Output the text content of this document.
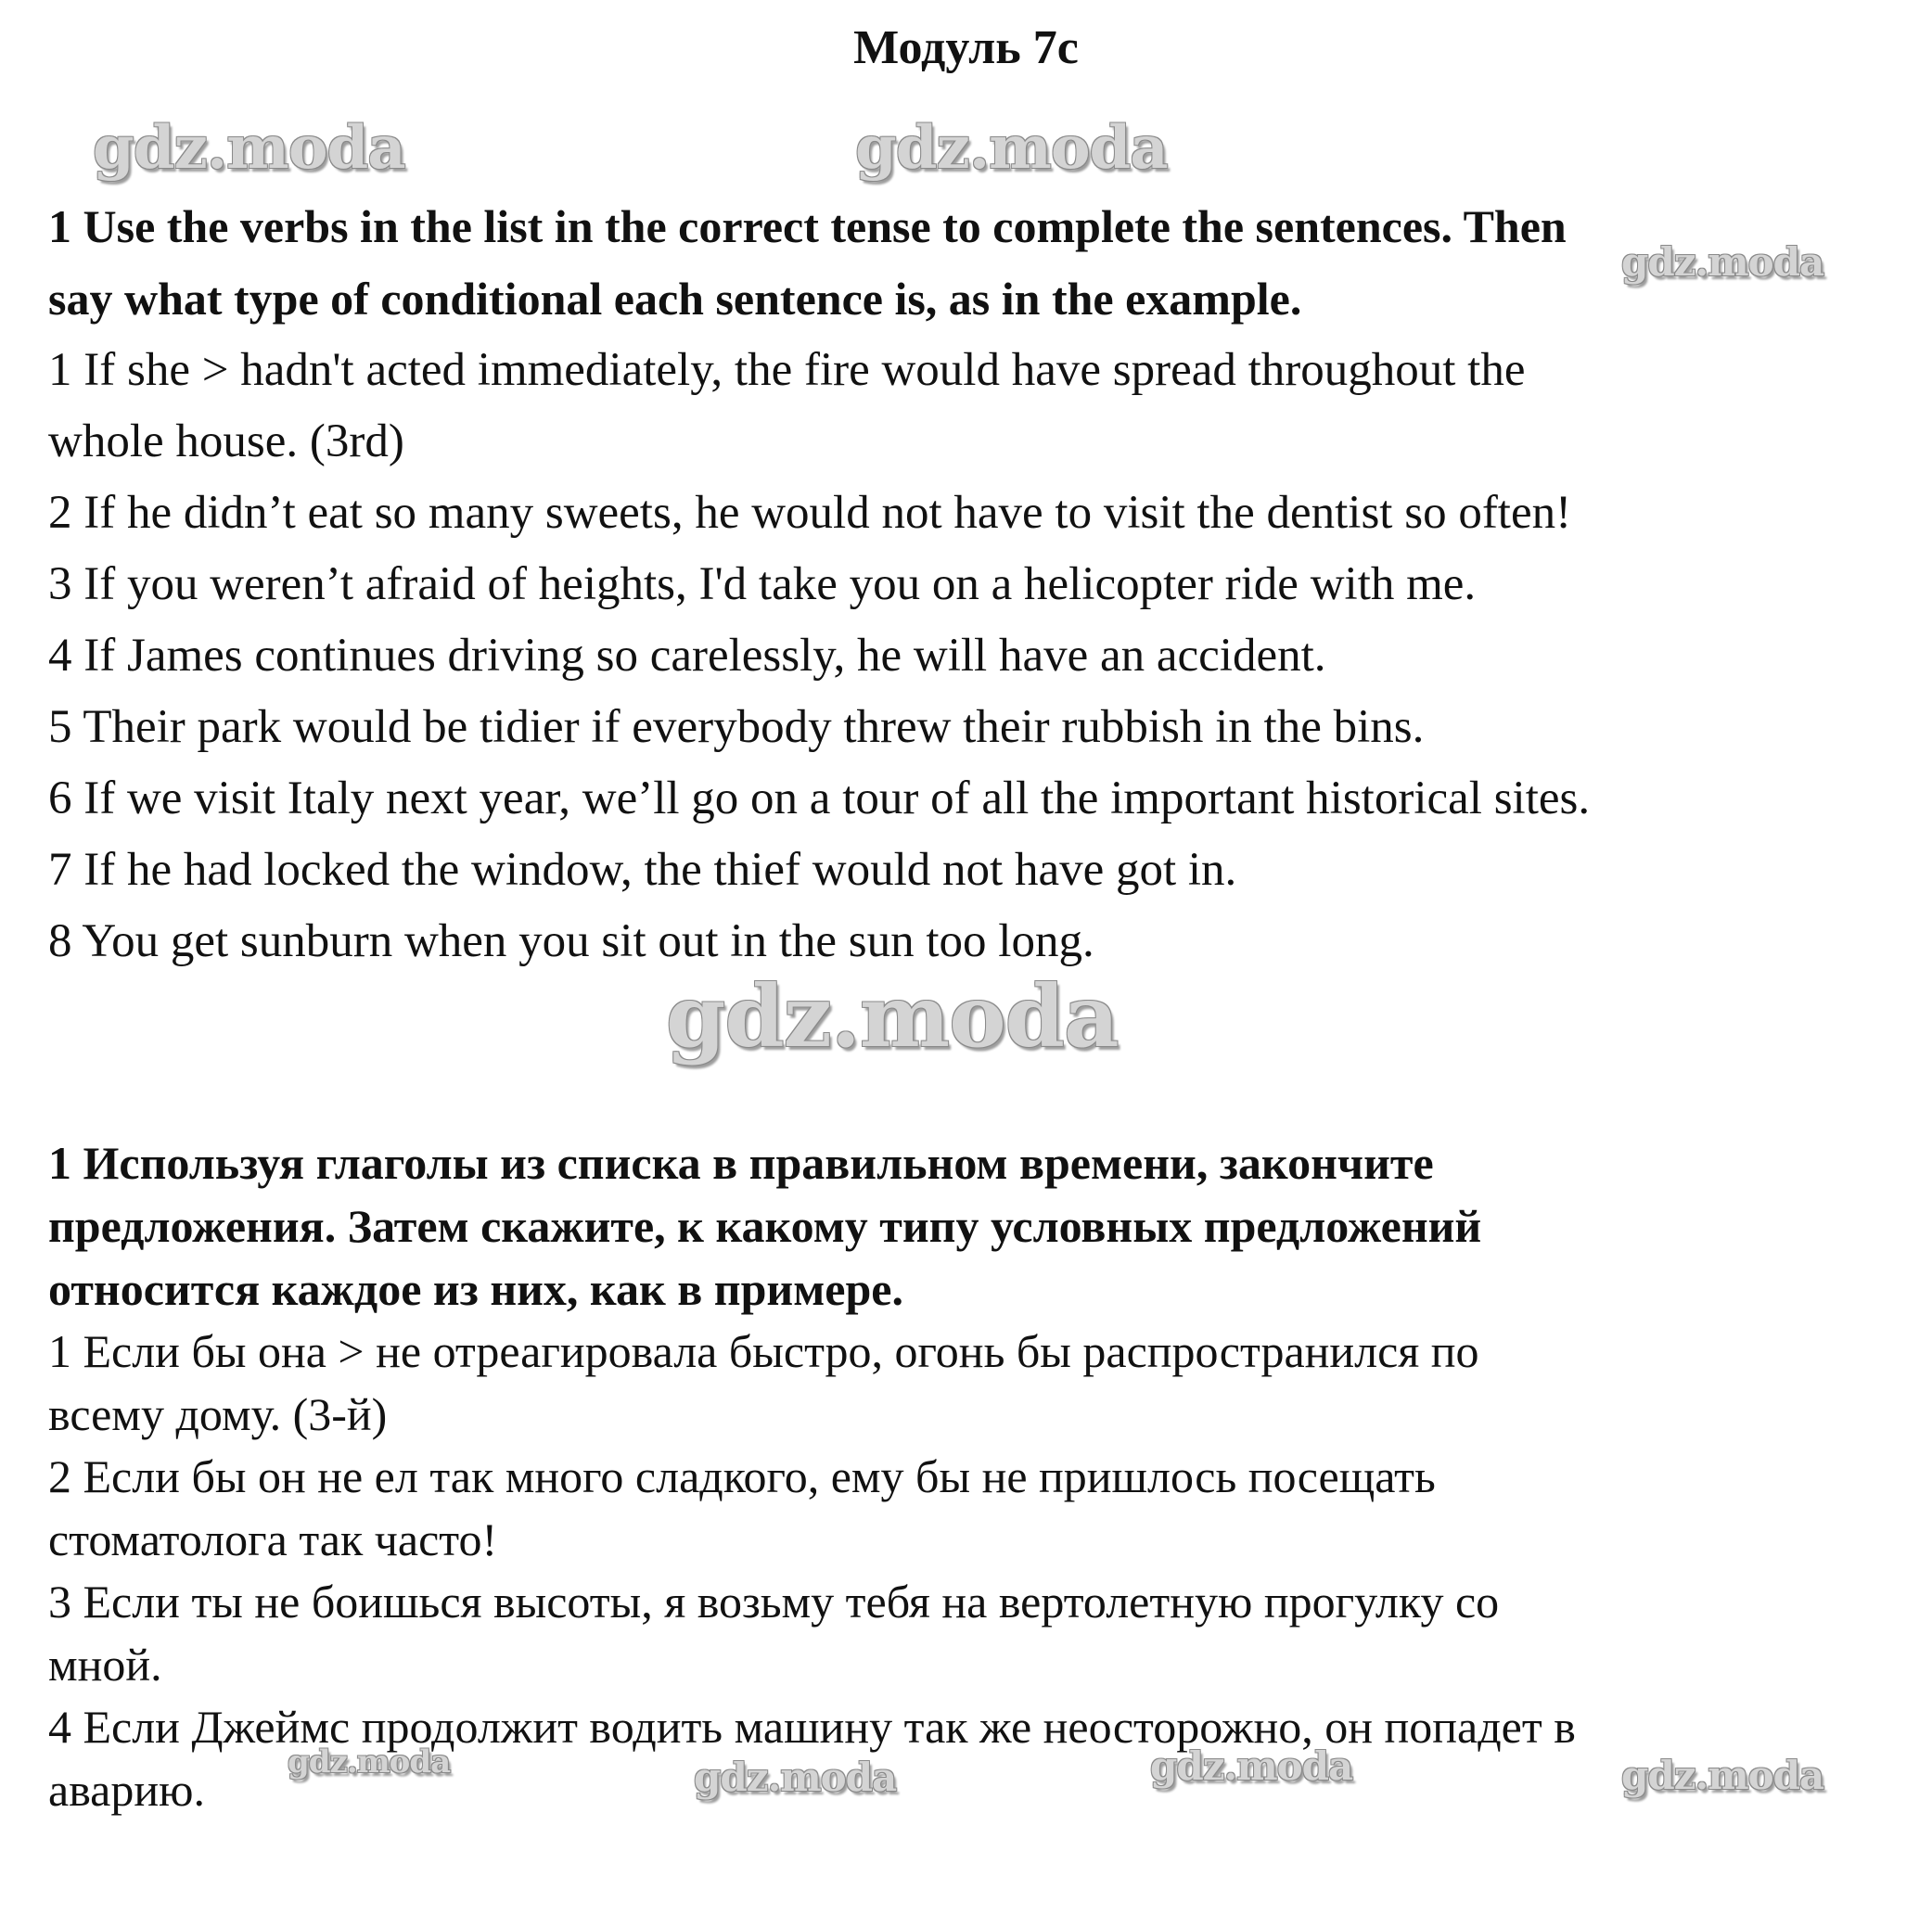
Модуль 7с
gdz.moda	gdz.moda
gdz.moda
gdz.moda
gdz.moda	gdz.moda	gdz.moda	gdz.moda
1 Use the verbs in the list in the correct tense to complete the sentences. Then
say what type of conditional each sentence is, as in the example.
1 If she > hadn't acted immediately, the fire would have spread throughout the
whole house. (3rd)
2 If he didn’t eat so many sweets, he would not have to visit the dentist so often!
3 If you weren’t afraid of heights, I'd take you on a helicopter ride with me.
4 If James continues driving so carelessly, he will have an accident.
5 Their park would be tidier if everybody threw their rubbish in the bins.
6 If we visit Italy next year, we’ll go on a tour of all the important historical sites.
7 If he had locked the window, the thief would not have got in.
8 You get sunburn when you sit out in the sun too long.
1 Используя глаголы из списка в правильном времени, закончите
предложения. Затем скажите, к какому типу условных предложений
относится каждое из них, как в примере.
1 Если бы она > не отреагировала быстро, огонь бы распространился по
всему дому. (3-й)
2 Если бы он не ел так много сладкого, ему бы не пришлось посещать
стоматолога так часто!
3 Если ты не боишься высоты, я возьму тебя на вертолетную прогулку со
мной.
4 Если Джеймс продолжит водить машину так же неосторожно, он попадет в
аварию.
